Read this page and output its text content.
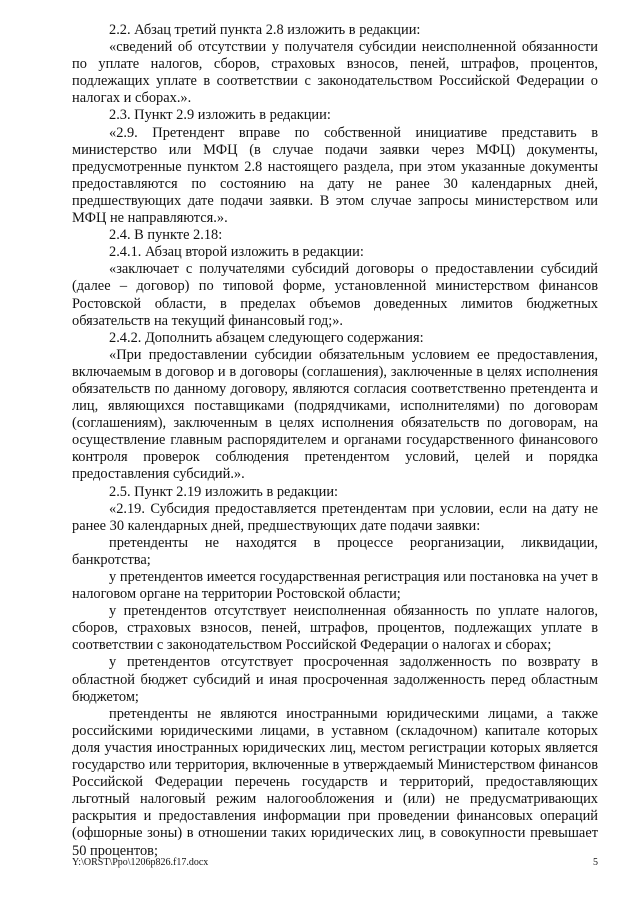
2.2. Абзац третий пункта 2.8 изложить в редакции:

«сведений об отсутствии у получателя субсидии неисполненной обязанности по уплате налогов, сборов, страховых взносов, пеней, штрафов, процентов, подлежащих уплате в соответствии с законодательством Российской Федерации о налогах и сборах.».

2.3. Пункт 2.9 изложить в редакции:

«2.9. Претендент вправе по собственной инициативе представить в министерство или МФЦ (в случае подачи заявки через МФЦ) документы, предусмотренные пунктом 2.8 настоящего раздела, при этом указанные документы предоставляются по состоянию на дату не ранее 30 календарных дней, предшествующих дате подачи заявки. В этом случае запросы министерством или МФЦ не направляются.».

2.4. В пункте 2.18:

2.4.1. Абзац второй изложить в редакции:

«заключает с получателями субсидий договоры о предоставлении субсидий (далее – договор) по типовой форме, установленной министерством финансов Ростовской области, в пределах объемов доведенных лимитов бюджетных обязательств на текущий финансовый год;».

2.4.2. Дополнить абзацем следующего содержания:

«При предоставлении субсидии обязательным условием ее предоставления, включаемым в договор и в договоры (соглашения), заключенные в целях исполнения обязательств по данному договору, являются согласия соответственно претендента и лиц, являющихся поставщиками (подрядчиками, исполнителями) по договорам (соглашениям), заключенным в целях исполнения обязательств по договорам, на осуществление главным распорядителем и органами государственного финансового контроля проверок соблюдения претендентом условий, целей и порядка предоставления субсидий.».

2.5. Пункт 2.19 изложить в редакции:

«2.19. Субсидия предоставляется претендентам при условии, если на дату не ранее 30 календарных дней, предшествующих дате подачи заявки:

претенденты не находятся в процессе реорганизации, ликвидации, банкротства;

у претендентов имеется государственная регистрация или постановка на учет в налоговом органе на территории Ростовской области;

у претендентов отсутствует неисполненная обязанность по уплате налогов, сборов, страховых взносов, пеней, штрафов, процентов, подлежащих уплате в соответствии с законодательством Российской Федерации о налогах и сборах;

у претендентов отсутствует просроченная задолженность по возврату в областной бюджет субсидий и иная просроченная задолженность перед областным бюджетом;

претенденты не являются иностранными юридическими лицами, а также российскими юридическими лицами, в уставном (складочном) капитале которых доля участия иностранных юридических лиц, местом регистрации которых является государство или территория, включенные в утверждаемый Министерством финансов Российской Федерации перечень государств и территорий, предоставляющих льготный налоговый режим налогообложения и (или) не предусматривающих раскрытия и предоставления информации при проведении финансовых операций (офшорные зоны) в отношении таких юридических лиц, в совокупности превышает 50 процентов;

Y:\ORST\Ppo\1206p826.f17.docx	5
